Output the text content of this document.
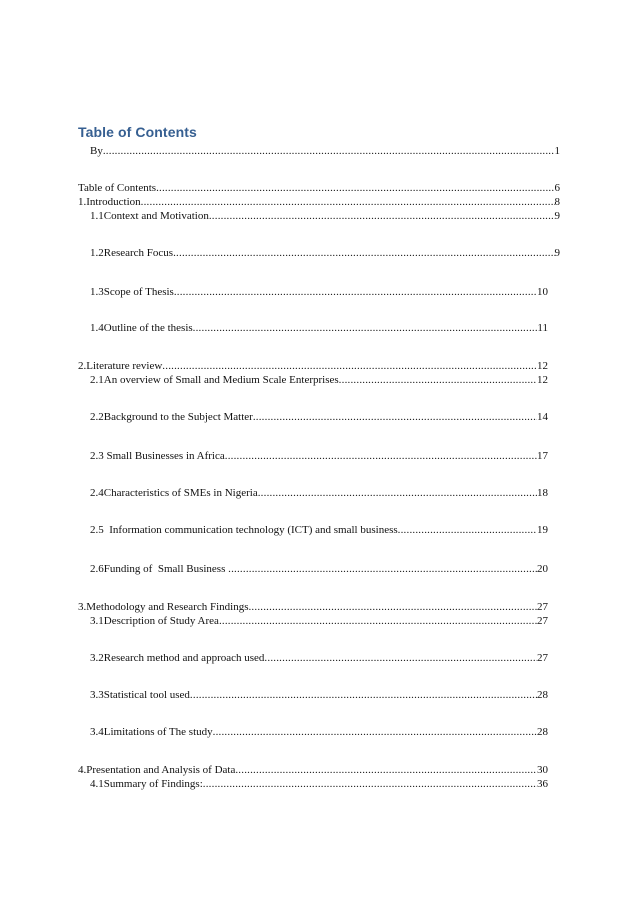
Table of Contents
By .....	1
Table of Contents .....	6
1.Introduction .....	8
1.1Context and Motivation .....	9
1.2Research Focus .....	9
1.3Scope of Thesis .....	10
1.4Outline of the thesis .....	11
2.Literature review .....	12
2.1An overview of Small and Medium Scale Enterprises .....	12
2.2Background to the Subject Matter .....	14
2.3 Small Businesses in Africa .....	17
2.4Characteristics of SMEs in Nigeria .....	18
2.5  Information communication technology (ICT) and small business .....	19
2.6Funding of  Small Business .....	20
3.Methodology and Research Findings .....	27
3.1Description of Study Area .....	27
3.2Research method and approach used .....	27
3.3Statistical tool used .....	28
3.4Limitations of The study .....	28
4.Presentation and Analysis of Data .....	30
4.1Summary of Findings: .....	36
